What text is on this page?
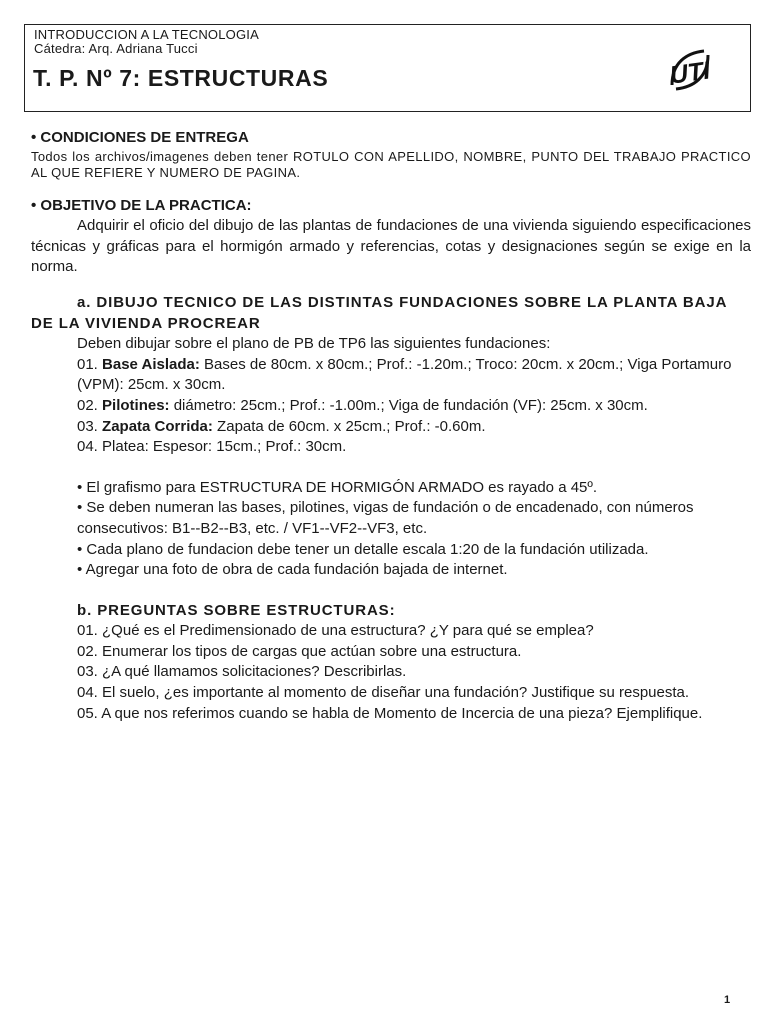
INTRODUCCION A LA TECNOLOGIA
Cátedra: Arq. Adriana Tucci
T. P. Nº 7: ESTRUCTURAS	UTI
• CONDICIONES DE ENTREGA
Todos los archivos/imagenes deben tener ROTULO CON APELLIDO, NOMBRE, PUNTO DEL TRABAJO PRACTICO AL QUE REFIERE Y NUMERO DE PAGINA.
• OBJETIVO DE LA PRACTICA:
Adquirir el oficio del dibujo de las plantas de fundaciones de una vivienda siguiendo especificaciones técnicas y gráficas para el hormigón armado y referencias, cotas y designaciones según se exige en la norma.
a. DIBUJO TECNICO DE LAS DISTINTAS FUNDACIONES SOBRE LA PLANTA BAJA DE LA VIVIENDA PROCREAR
Deben dibujar sobre el plano de PB de TP6 las siguientes fundaciones:
01. Base Aislada: Bases de 80cm. x 80cm.; Prof.: -1.20m.; Troco: 20cm. x 20cm.; Viga Portamuro (VPM): 25cm. x 30cm.
02. Pilotines: diámetro: 25cm.; Prof.: -1.00m.; Viga de fundación (VF): 25cm. x 30cm.
03. Zapata Corrida: Zapata de 60cm. x 25cm.; Prof.: -0.60m.
04. Platea: Espesor: 15cm.; Prof.: 30cm.
• El grafismo para ESTRUCTURA DE HORMIGÓN ARMADO es rayado a 45º.
• Se deben numeran las bases, pilotines, vigas de fundación o de encadenado, con números consecutivos: B1--B2--B3, etc. / VF1--VF2--VF3, etc.
• Cada plano de fundacion debe tener un detalle escala 1:20 de la fundación utilizada.
• Agregar una foto de obra de cada fundación bajada de internet.
b. PREGUNTAS SOBRE ESTRUCTURAS:
01. ¿Qué es el Predimensionado de una estructura? ¿Y para qué se emplea?
02. Enumerar los tipos de cargas que actúan sobre una estructura.
03. ¿A qué llamamos solicitaciones? Describirlas.
04. El suelo, ¿es importante al momento de diseñar una fundación? Justifique su respuesta.
05. A que nos referimos cuando se habla de Momento de Incercia de una pieza? Ejemplifique.
1
